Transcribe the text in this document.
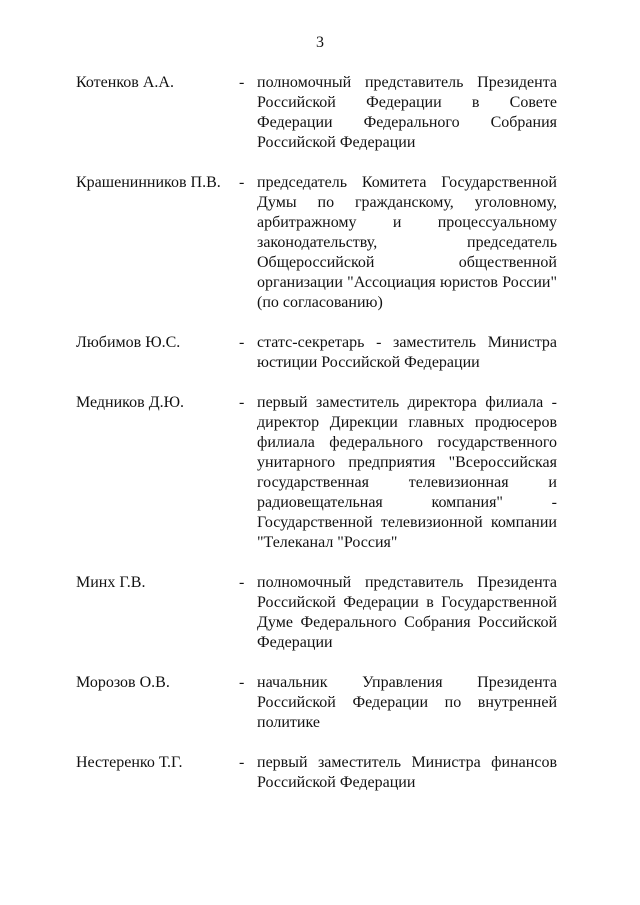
3
Котенков А.А.	- полномочный представитель Президента Российской Федерации в Совете Федерации Федерального Собрания Российской Федерации
Крашенинников П.В.	- председатель Комитета Государственной Думы по гражданскому, уголовному, арбитражному и процессуальному законодательству, председатель Общероссийской общественной организации "Ассоциация юристов России" (по согласованию)
Любимов Ю.С.	- статс-секретарь - заместитель Министра юстиции Российской Федерации
Медников Д.Ю.	- первый заместитель директора филиала - директор Дирекции главных продюсеров филиала федерального государственного унитарного предприятия "Всероссийская государственная телевизионная и радиовещательная компания" - Государственной телевизионной компании "Телеканал "Россия"
Минх Г.В.	- полномочный представитель Президента Российской Федерации в Государственной Думе Федерального Собрания Российской Федерации
Морозов О.В.	- начальник Управления Президента Российской Федерации по внутренней политике
Нестеренко Т.Г.	- первый заместитель Министра финансов Российской Федерации
